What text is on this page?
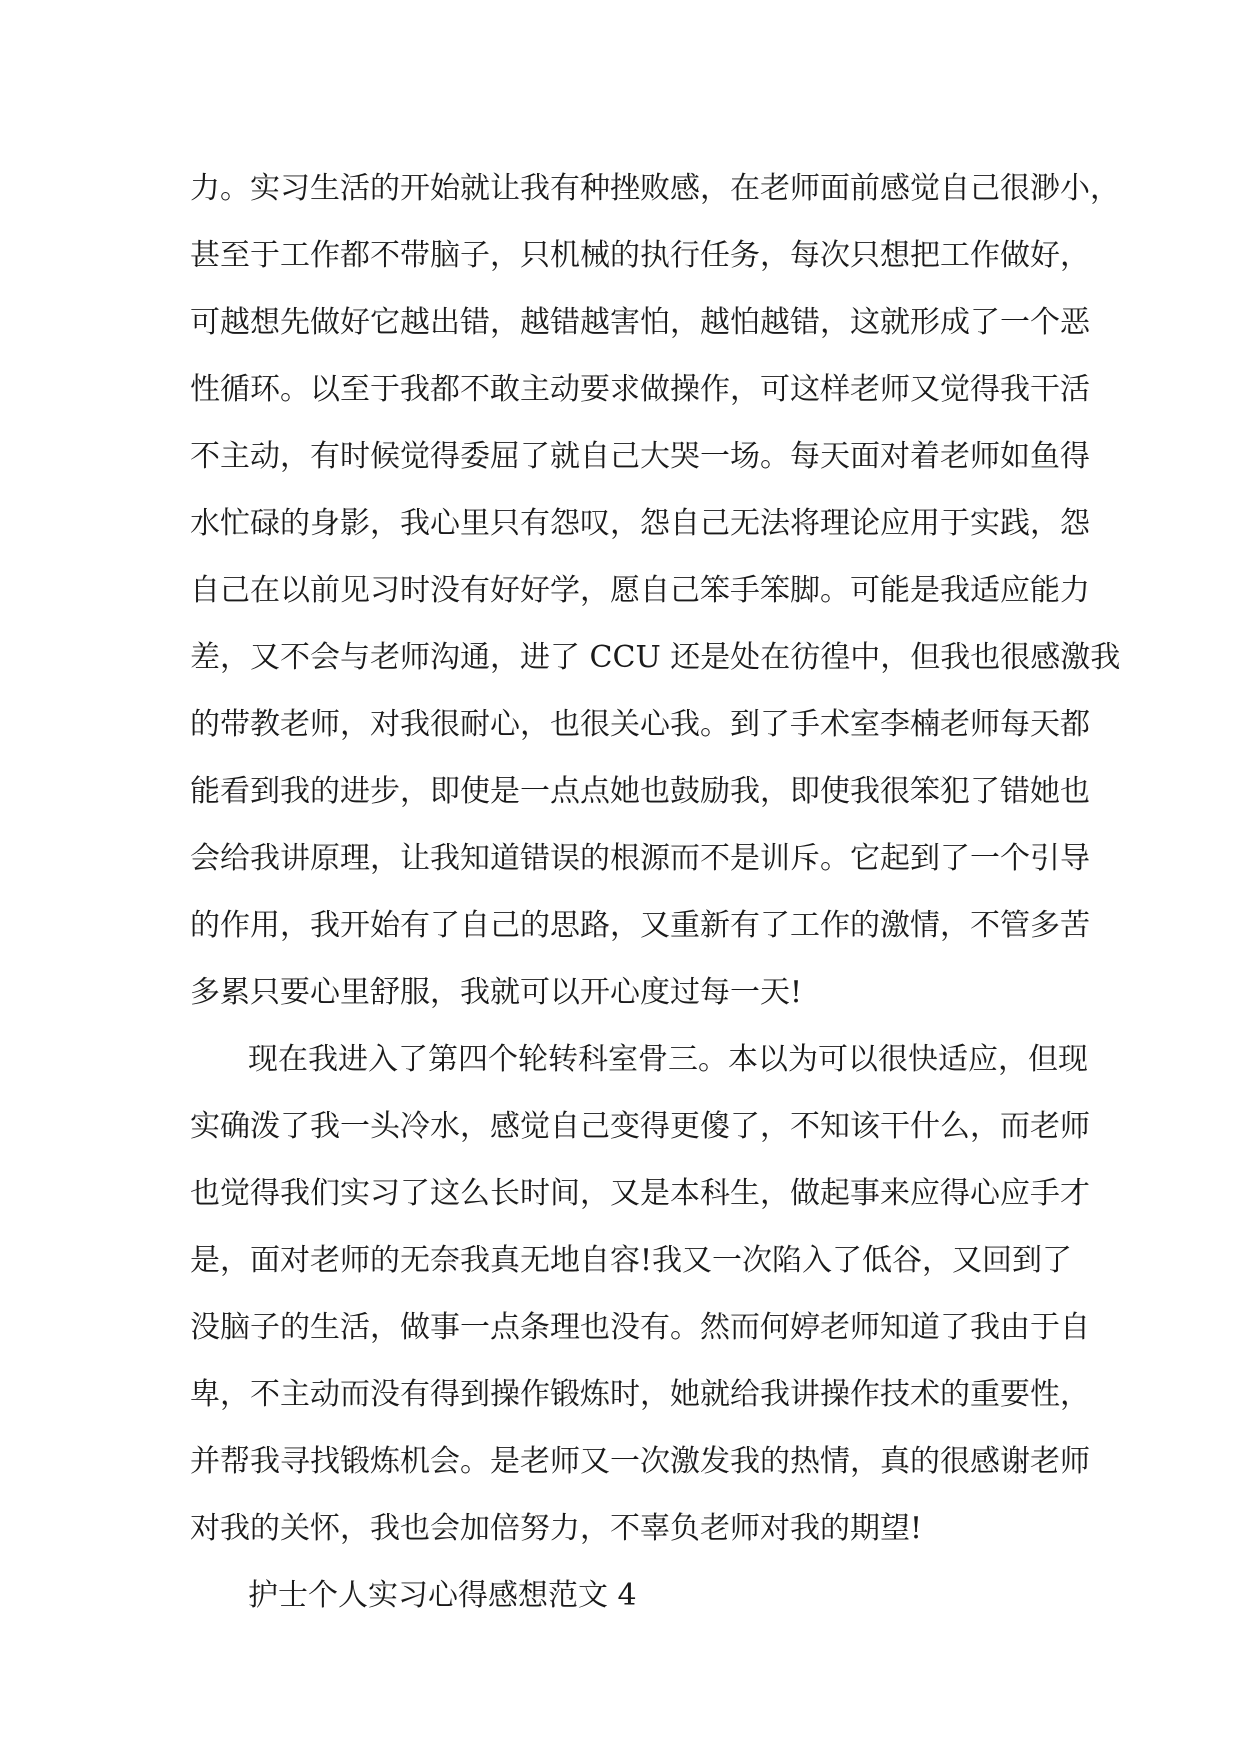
力。实习生活的开始就让我有种挫败感，在老师面前感觉自己很渺小，
甚至于工作都不带脑子，只机械的执行任务，每次只想把工作做好，
可越想先做好它越出错，越错越害怕，越怕越错，这就形成了一个恶
性循环。以至于我都不敢主动要求做操作，可这样老师又觉得我干活
不主动，有时候觉得委屈了就自己大哭一场。每天面对着老师如鱼得
水忙碌的身影，我心里只有怨叹，怨自己无法将理论应用于实践，怨
自己在以前见习时没有好好学，愿自己笨手笨脚。可能是我适应能力
差，又不会与老师沟通，进了 CCU 还是处在彷徨中，但我也很感激我
的带教老师，对我很耐心，也很关心我。到了手术室李楠老师每天都
能看到我的进步，即使是一点点她也鼓励我，即使我很笨犯了错她也
会给我讲原理，让我知道错误的根源而不是训斥。它起到了一个引导
的作用，我开始有了自己的思路，又重新有了工作的激情，不管多苦
多累只要心里舒服，我就可以开心度过每一天!
现在我进入了第四个轮转科室骨三。本以为可以很快适应，但现
实确泼了我一头冷水，感觉自己变得更傻了，不知该干什么，而老师
也觉得我们实习了这么长时间，又是本科生，做起事来应得心应手才
是，面对老师的无奈我真无地自容!我又一次陷入了低谷，又回到了
没脑子的生活，做事一点条理也没有。然而何婷老师知道了我由于自
卑，不主动而没有得到操作锻炼时，她就给我讲操作技术的重要性，
并帮我寻找锻炼机会。是老师又一次激发我的热情，真的很感谢老师
对我的关怀，我也会加倍努力，不辜负老师对我的期望!
护士个人实习心得感想范文 4
